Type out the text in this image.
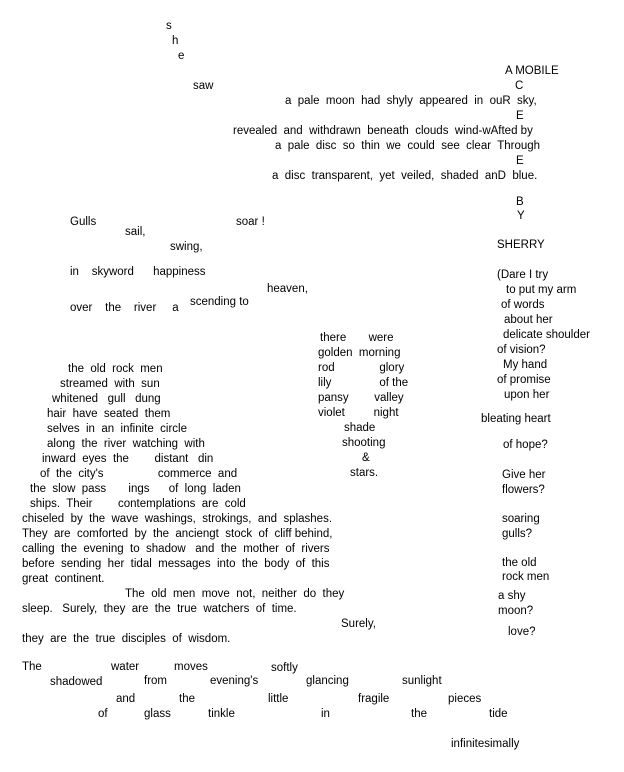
s
h
e
saw
A MOBILE
C
E
E
B
Y
SHERRY
a  pale  moon  had  shyly  appeared  in  ouR  sky,
revealed  and  withdrawn  beneath  clouds  wind-wAfted by
a  pale  disc  so  thin  we  could  see  clear  Through
a  disc  transparent,  yet  veiled,  shaded  anD  blue.
Gulls	soar !
sail,
swing,
in    skyword      happiness
heaven,
over    the    river     a scending to
(Dare I try
to put my arm
of words
about her
delicate shoulder
of vision?
My hand
of promise
upon her
bleating heart
of hope?
Give her
flowers?
soaring
gulls?
the old
rock men
a shy
moon?
love?
there       were
golden  morning
rod              glory
lily               of the
pansy        valley
violet         night
shade
shooting
&
stars.
the  old  rock  men
streamed  with  sun
whitened   gull   dung
hair  have  seated  them
selves  in  an  infinite  circle
along  the  river  watching  with
inward  eyes  the        distant   din
of  the  city's                 commerce  and
the  slow  pass       ings      of  long  laden
ships.  Their        contemplations  are  cold
chiseled  by  the  wave  washings,  strokings,  and  splashes.
They  are  comforted  by  the  anciengt  stock  of  cliff behind,
calling  the  evening  to  shadow   and  the  mother  of  rivers
before  sending  her  tidal  messages  into  the  body  of  this
great  continent.
The  old  men  move  not,  neither  do  they
sleep.   Surely,  they  are  the  true  watchers  of  time.
Surely,
they  are  the  true  disciples  of  wisdom.
The	water	moves	softly
shadowed	from	evening's	glancing	sunlight
and	the	little	fragile	pieces
of	glass	tinkle	in	the	tide
infinitesimally
